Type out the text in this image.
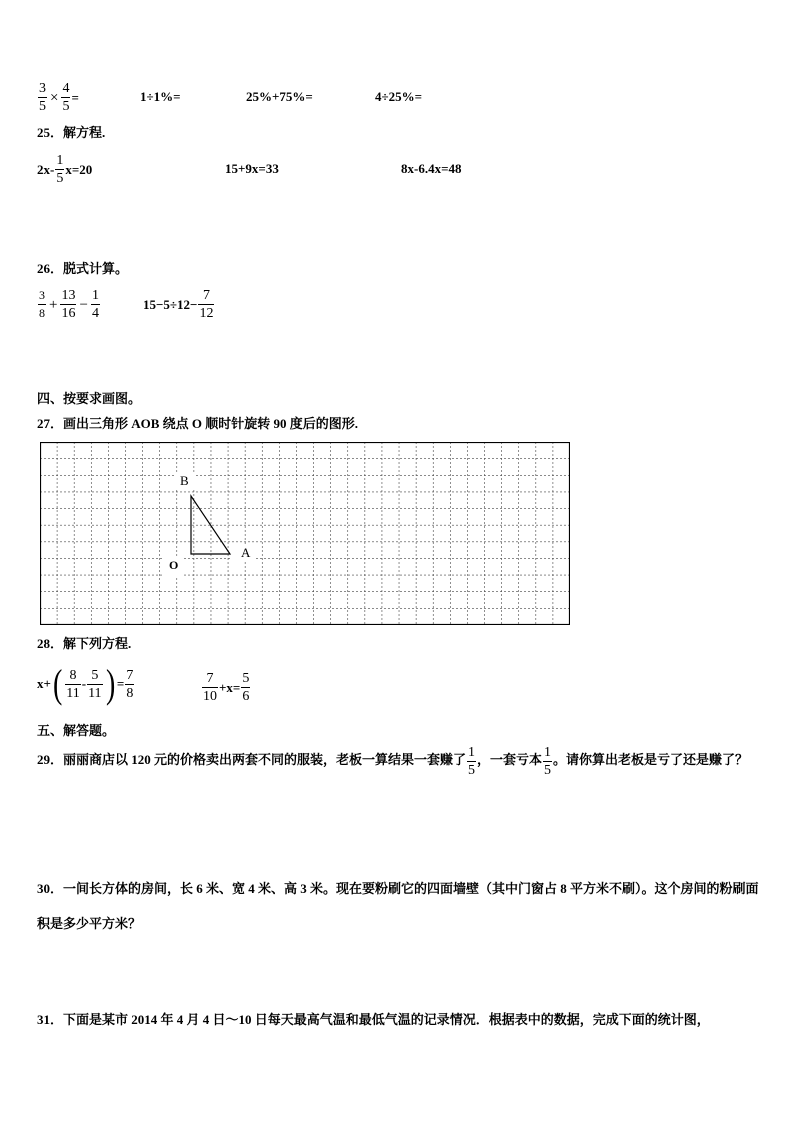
$\frac{3}{5} \times \frac{4}{5}$ =	1÷1%=	25%+75%=	4÷25%=
25．解方程.
$2x- \frac{1}{5} x=20$	15+9x=33	8x-6.4x=48
26．脱式计算。
$\frac{3}{8} + \frac{13}{16} - \frac{1}{4}$	$15-5\div 12- \frac{7}{12}$
四、按要求画图。
27．画出三角形 AOB 绕点 O 顺时针旋转 90 度后的图形.
B
A
O
28．解下列方程.
$x+( \frac{8}{11} - \frac{5}{11}$ ) = $\frac{7}{8}$	$\frac{7}{10} +x= \frac{5}{6}$
五、解答题。
29．丽丽商店以 120 元的价格卖出两套不同的服装，老板一算结果一套赚了 $\frac{1}{5}$ ，一套亏本 $\frac{1}{5}$ 。请你算出老板是亏了还是赚了？
30．一间长方体的房间，长 6 米、宽 4 米、高 3 米。现在要粉刷它的四面墙壁（其中门窗占 8 平方米不刷）。这个房间的粉刷面积是多少平方米？
31．下面是某市 2014 年 4 月 4 日～10 日每天最高气温和最低气温的记录情况．根据表中的数据，完成下面的统计图，
